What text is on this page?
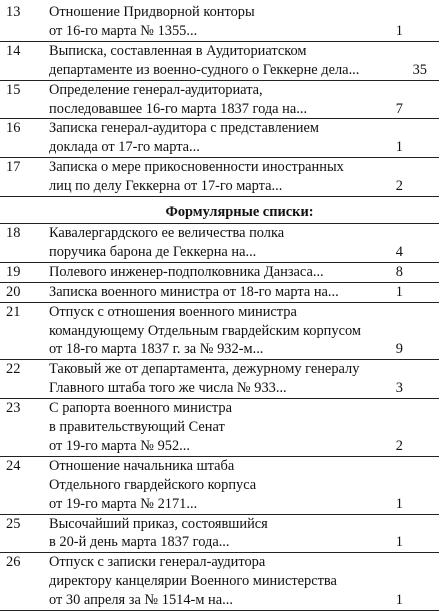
13	Отношение Придворной конторы
от 16-го марта № 1355...	1
14	Выписка, составленная в Аудиториатском
департаменте из военно-судного о Геккерне дела...	35
15	Определение генерал-аудиториата,
последовавшее 16-го марта 1837 года на...	7
16	Записка генерал-аудитора с представлением
доклада от 17-го марта...	1
17	Записка о мере прикосновенности иностранных
лиц по делу Геккерна от 17-го марта...	2
Формулярные списки:
18	Кавалергардского ее величества полка
поручика барона де Геккерна на...	4
19	Полевого инженер-подполковника Данзаса...	8
20	Записка военного министра от 18-го марта на...	1
21	Отпуск с отношения военного министра
командующему Отдельным гвардейским корпусом
от 18-го марта 1837 г. за № 932-м...	9
22	Таковый же от департамента, дежурному генералу
Главного штаба того же числа № 933...	3
23	С рапорта военного министра
в правительствующий Сенат
от 19-го марта № 952...	2
24	Отношение начальника штаба
Отдельного гвардейского корпуса
от 19-го марта № 2171...	1
25	Высочайший приказ, состоявшийся
в 20-й день марта 1837 года...	1
26	Отпуск с записки генерал-аудитора
директору канцелярии Военного министерства
от 30 апреля за № 1514-м на...	1
